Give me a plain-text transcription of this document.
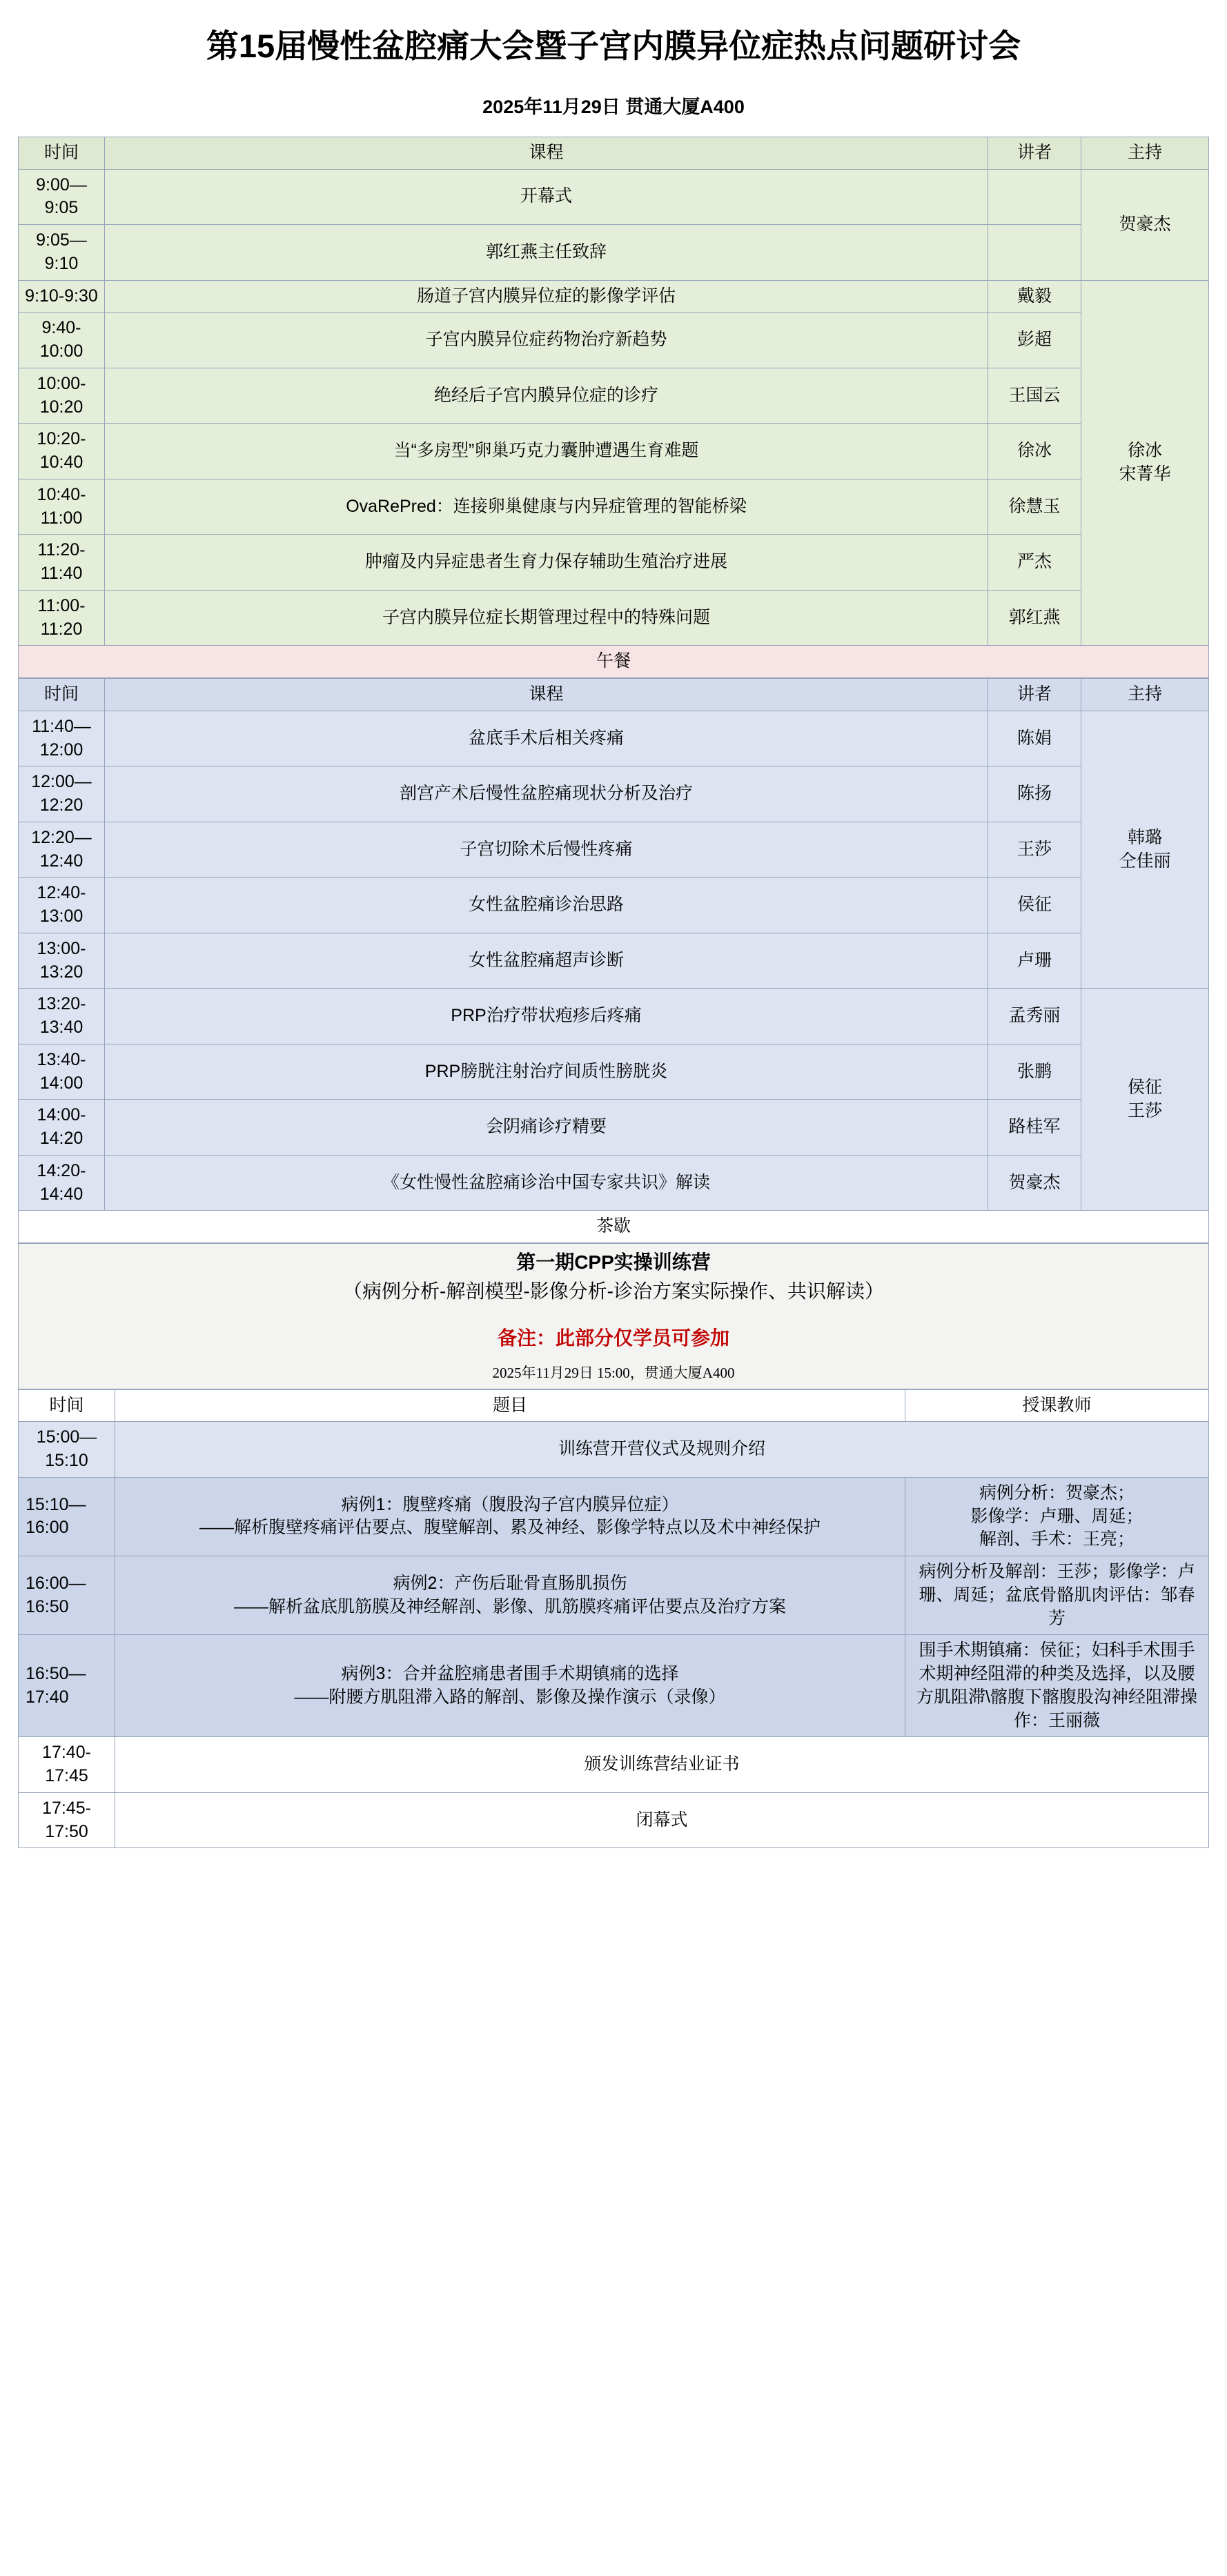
第15届慢性盆腔痛大会暨子宫内膜异位症热点问题研讨会
2025年11月29日 贯通大厦A400
时间	课程	讲者	主持
9:00—9:05	开幕式		贺豪杰
9:05—9:10	郭红燕主任致辞		
9:10-9:30	肠道子宫内膜异位症的影像学评估	戴毅	徐冰
宋菁华

9:40-10:00	子宫内膜异位症药物治疗新趋势	彭超	
10:00-10:20	绝经后子宫内膜异位症的诊疗	王国云	
10:20-10:40	当“多房型”卵巢巧克力囊肿遭遇生育难题	徐冰	
10:40-11:00	OvaRePred：连接卵巢健康与内异症管理的智能桥梁	徐慧玉	
11:20-11:40	肿瘤及内异症患者生育力保存辅助生殖治疗进展	严杰	
11:00-11:20	子宫内膜异位症长期管理过程中的特殊问题	郭红燕	
午餐			
时间	课程	讲者	主持
11:40—12:00	盆底手术后相关疼痛	陈娟	韩璐
仝佳丽

12:00—12:20	剖宫产术后慢性盆腔痛现状分析及治疗	陈扬	
12:20—12:40	子宫切除术后慢性疼痛	王莎	
12:40-13:00	女性盆腔痛诊治思路	侯征	
13:00-13:20	女性盆腔痛超声诊断	卢珊	
13:20-13:40	PRP治疗带状疱疹后疼痛	孟秀丽	侯征
王莎

13:40-14:00	PRP膀胱注射治疗间质性膀胱炎	张鹏	
14:00-14:20	会阴痛诊疗精要	路桂军	
14:20-14:40	《女性慢性盆腔痛诊治中国专家共识》解读	贺豪杰	
茶歇			
第一期CPP实操训练营
（病例分析-解剖模型-影像分析-诊治方案实际操作、共识解读）
备注：此部分仅学员可参加
2025年11月29日 15:00，贯通大厦A400
时间	题目	授课教师
15:00—15:10	训练营开营仪式及规则介绍	
15:10—16:00	病例1：腹壁疼痛（腹股沟子宫内膜异位症）
——解析腹壁疼痛评估要点、腹壁解剖、累及神经、影像学特点以及术中神经保护	病例分析：贺豪杰；
影像学：卢珊、周延；
解剖、手术：王亮；
16:00—16:50	病例2：产伤后耻骨直肠肌损伤
——解析盆底肌筋膜及神经解剖、影像、肌筋膜疼痛评估要点及治疗方案	病例分析及解剖：王莎；影像学：卢珊、周延；盆底骨骼肌肉评估：邹春芳
16:50—17:40	病例3：合并盆腔痛患者围手术期镇痛的选择
——附腰方肌阻滞入路的解剖、影像及操作演示（录像）	围手术期镇痛：侯征；妇科手术围手术期神经阻滞的种类及选择，以及腰方肌阻滞\髂腹下髂腹股沟神经阻滞操作：王丽薇
17:40-17:45	颁发训练营结业证书	
17:45-17:50	闭幕式	
